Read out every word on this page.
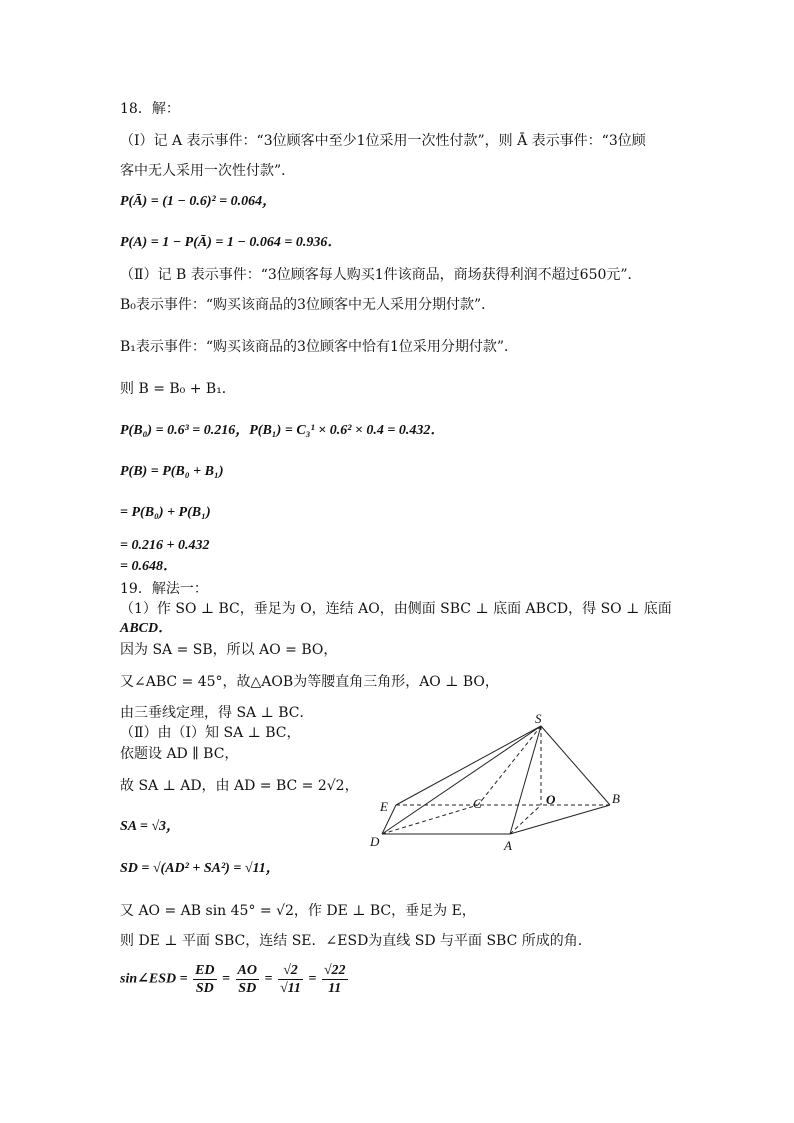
18．解：
（Ⅰ）记 A 表示事件：“3位顾客中至少1位采用一次性付款”，则 Ā 表示事件：“3位顾
客中无人采用一次性付款”．
P(Ā) = (1 − 0.6)² = 0.064，
P(A) = 1 − P(Ā) = 1 − 0.064 = 0.936．
（Ⅱ）记 B 表示事件：“3位顾客每人购买1件该商品，商场获得利润不超过650元”．
B₀表示事件：“购买该商品的3位顾客中无人采用分期付款”．
B₁表示事件：“购买该商品的3位顾客中恰有1位采用分期付款”．
则 B = B₀ + B₁．
P(B₀) = 0.6³ = 0.216，P(B₁) = C₃¹ × 0.6² × 0.4 = 0.432．
P(B) = P(B₀ + B₁)
= P(B₀) + P(B₁)
= 0.216 + 0.432
= 0.648．
19．解法一：
（1）作 SO ⊥ BC，垂足为 O，连结 AO，由侧面 SBC ⊥ 底面 ABCD，得 SO ⊥ 底面
ABCD．
因为 SA = SB，所以 AO = BO，
又∠ABC = 45°，故△AOB为等腰直角三角形，AO ⊥ BO，
由三垂线定理，得 SA ⊥ BC．
（Ⅱ）由（Ⅰ）知 SA ⊥ BC，
依题设 AD ∥ BC，
故 SA ⊥ AD，由 AD = BC = 2√2，
SA = √3，
SD = √(AD² + SA²) = √11，
又 AO = AB sin 45° = √2，作 DE ⊥ BC，垂足为 E，
则 DE ⊥ 平面 SBC，连结 SE．∠ESD为直线 SD 与平面 SBC 所成的角．
sin∠ESD = $\frac{ED}{SD} = \frac{AO}{SD} = \frac{√2}{√11} = \frac{√22}{11}$
S
E	C	O	B
D	A
